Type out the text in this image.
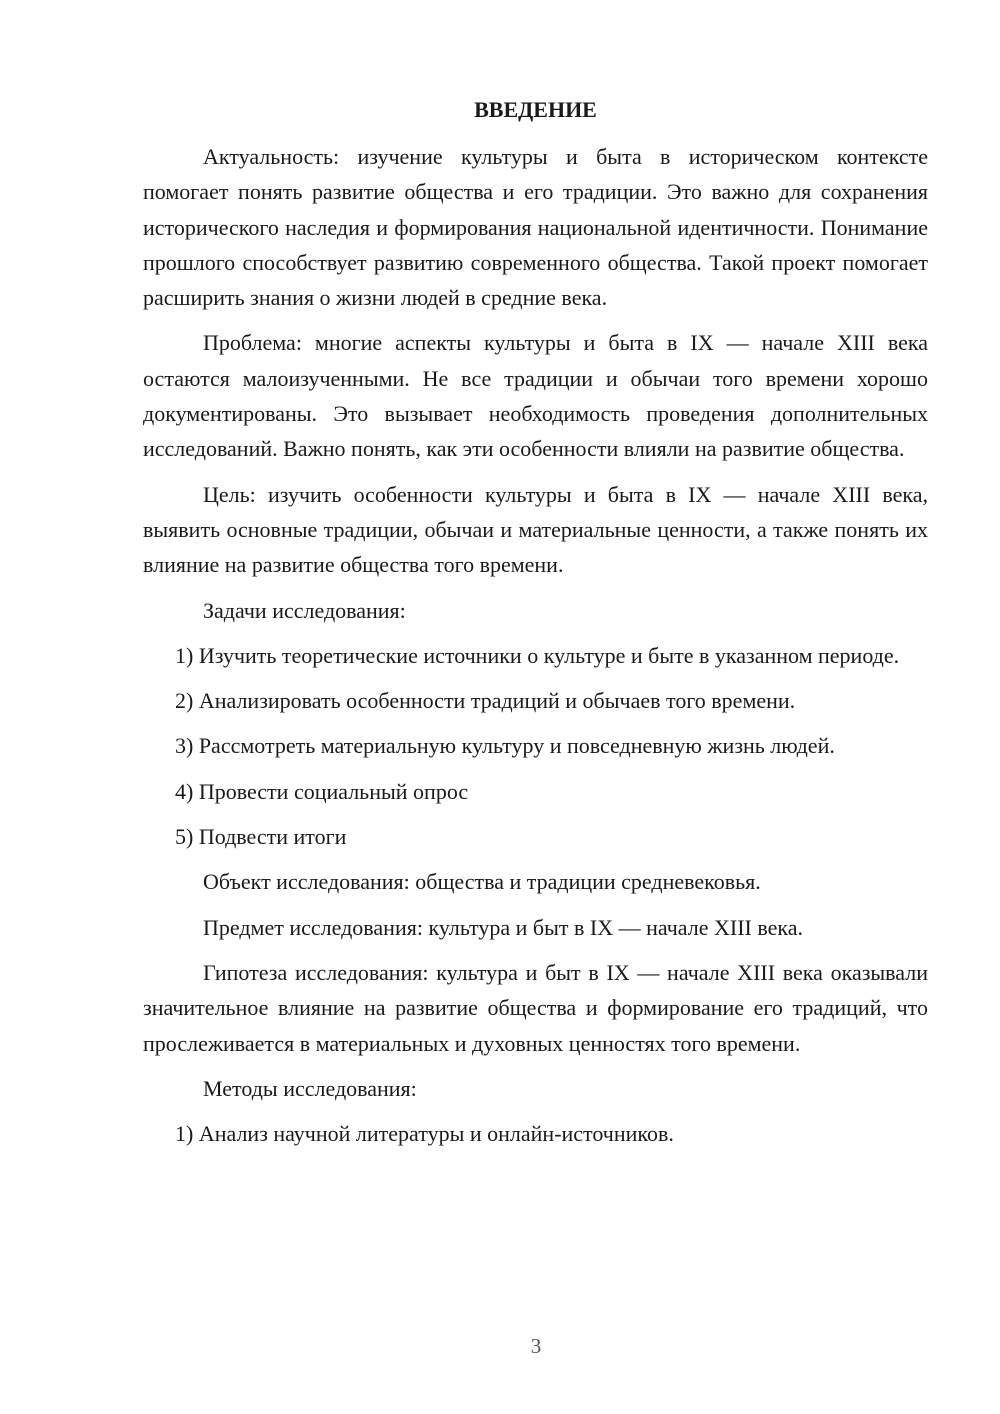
ВВЕДЕНИЕ

Актуальность: изучение культуры и быта в историческом контексте помогает понять развитие общества и его традиции. Это важно для сохранения исторического наследия и формирования национальной идентичности. Понимание прошлого способствует развитию современного общества. Такой проект помогает расширить знания о жизни людей в средние века.

Проблема: многие аспекты культуры и быта в IX — начале XIII века остаются малоизученными. Не все традиции и обычаи того времени хорошо документированы. Это вызывает необходимость проведения дополнительных исследований. Важно понять, как эти особенности влияли на развитие общества.

Цель: изучить особенности культуры и быта в IX — начале XIII века, выявить основные традиции, обычаи и материальные ценности, а также понять их влияние на развитие общества того времени.

Задачи исследования:

1) Изучить теоретические источники о культуре и быте в указанном периоде.

2) Анализировать особенности традиций и обычаев того времени.

3) Рассмотреть материальную культуру и повседневную жизнь людей.

4) Провести социальный опрос

5) Подвести итоги

Объект исследования: общества и традиции средневековья.

Предмет исследования: культура и быт в IX — начале XIII века.

Гипотеза исследования: культура и быт в IX — начале XIII века оказывали значительное влияние на развитие общества и формирование его традиций, что прослеживается в материальных и духовных ценностях того времени.

Методы исследования:

1) Анализ научной литературы и онлайн-источников.

3
